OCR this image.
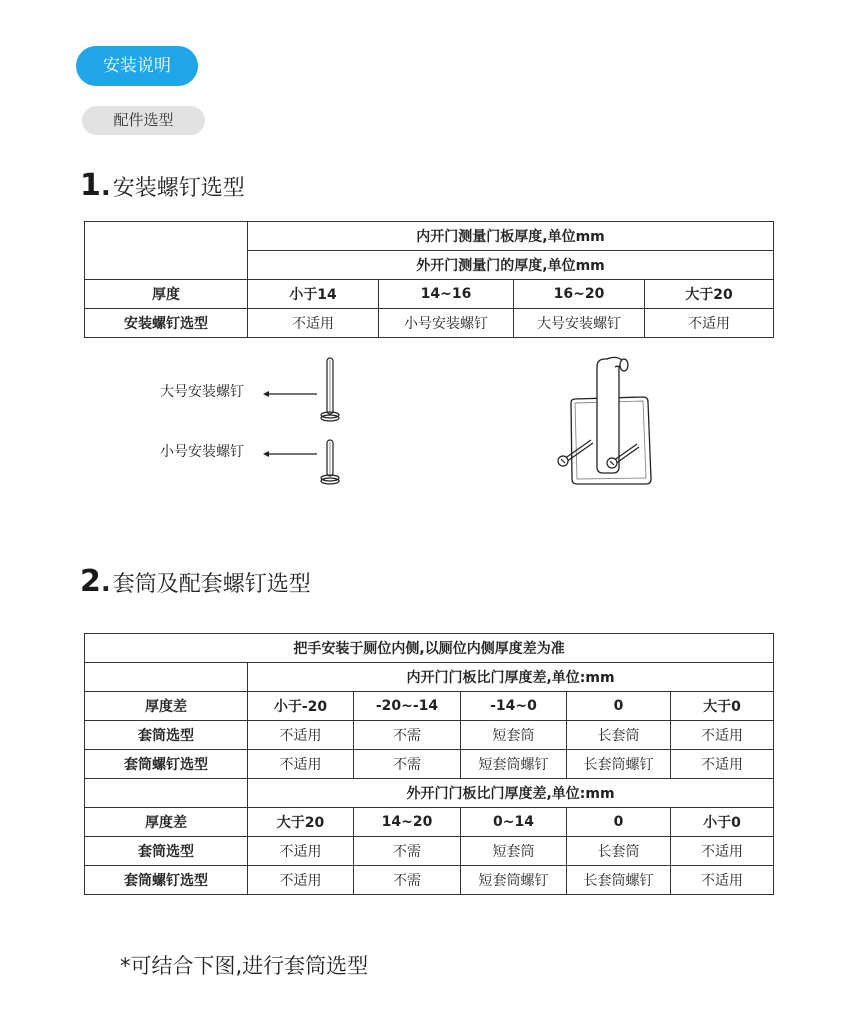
安装说明
配件选型
1 . 安装螺钉选型
	内开门测量门板厚度,单位mm			
	外开门测量门的厚度,单位mm			
厚度	小于14	14~16	16~20	大于20
安装螺钉选型	不适用	小号安装螺钉	大号安装螺钉	不适用
大号安装螺钉
小号安装螺钉
2 . 套筒及配套螺钉选型
把手安装于厕位内侧,以厕位内侧厚度差为准					
	内开门门板比门厚度差,单位:mm				
厚度差	小于-20	-20~-14	-14~0	0	大于0
套筒选型	不适用	不需	短套筒	长套筒	不适用
套筒螺钉选型	不适用	不需	短套筒螺钉	长套筒螺钉	不适用
	外开门门板比门厚度差,单位:mm				
厚度差	大于20	14~20	0~14	0	小于0
套筒选型	不适用	不需	短套筒	长套筒	不适用
套筒螺钉选型	不适用	不需	短套筒螺钉	长套筒螺钉	不适用
*可结合下图,进行套筒选型
